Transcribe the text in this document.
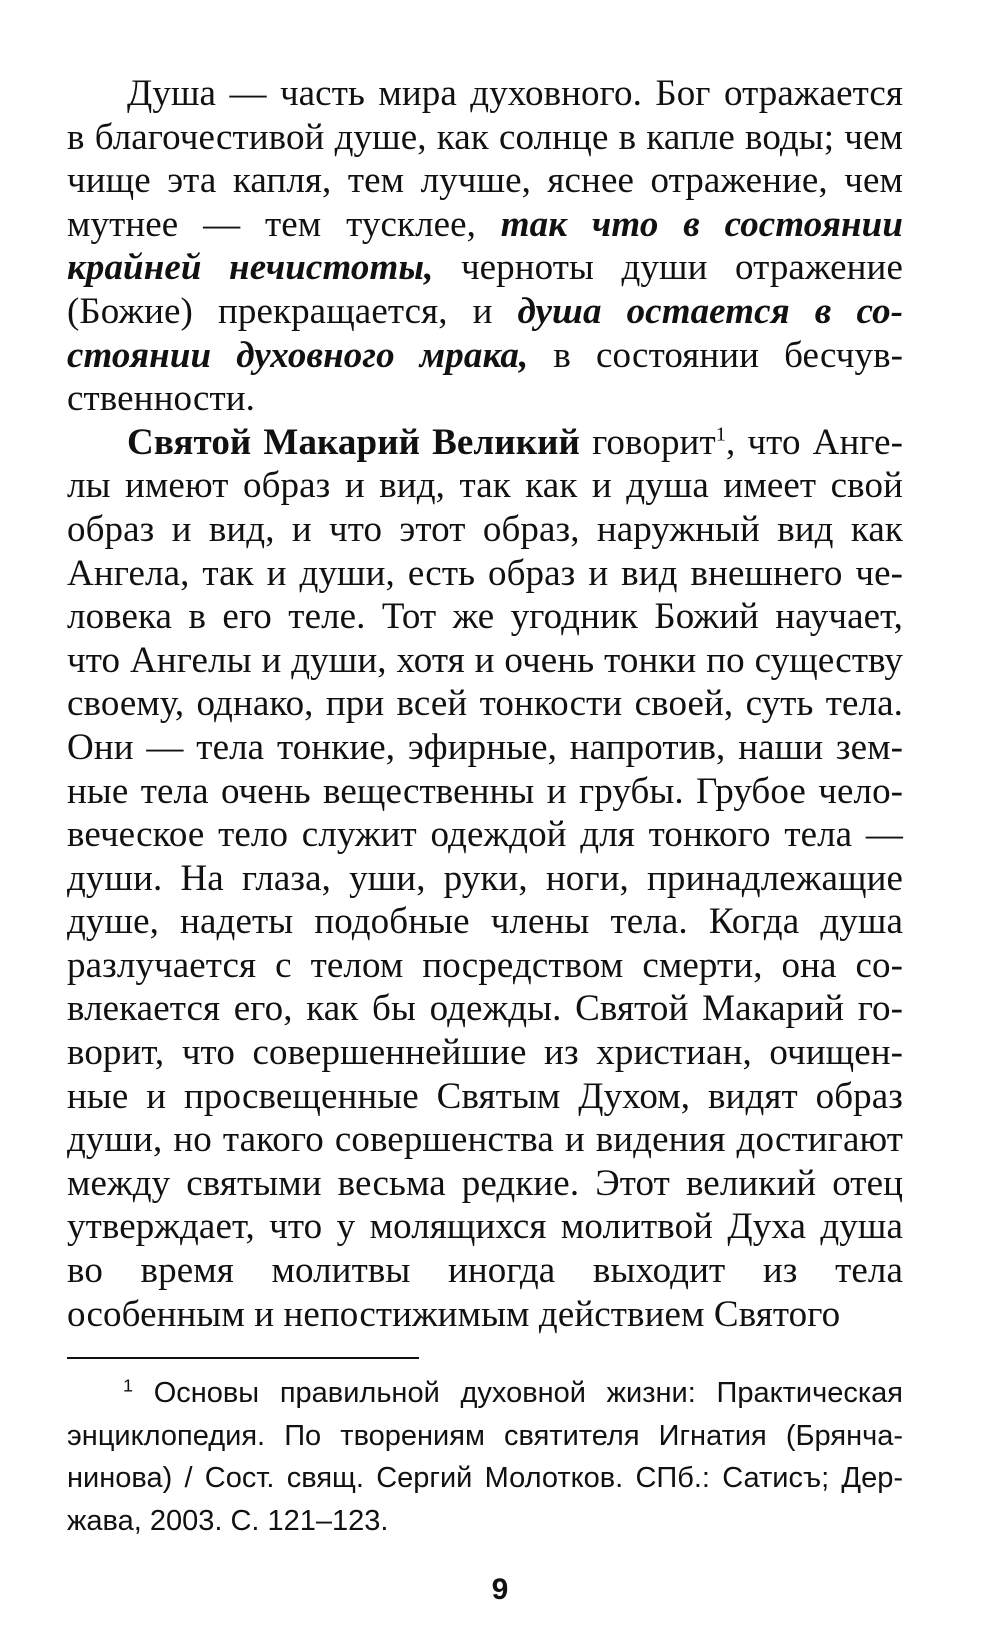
Душа — часть мира духовного. Бог отражается в благочестивой душе, как солнце в капле воды; чем чище эта капля, тем лучше, яснее отражение, чем мутнее — тем тусклее, так что в состоянии крайней нечистоты, черноты души отражение (Божие) прекращается, и душа остается в состоянии духовного мрака, в состоянии бесчувственности.

Святой Макарий Великий говорит$^1$, что Ангелы имеют образ и вид, так как и душа имеет свой образ и вид, и что этот образ, наружный вид как Ангела, так и души, есть образ и вид внешнего человека в его теле. Тот же угодник Божий научает, что Ангелы и души, хотя и очень тонки по существу своему, однако, при всей тонкости своей, суть тела. Они — тела тонкие, эфирные, напротив, наши земные тела очень вещественны и грубы. Грубое человеческое тело служит одеждой для тонкого тела — души. На глаза, уши, руки, ноги, принадлежащие душе, надеты подобные члены тела. Когда душа разлучается с телом посредством смерти, она совлекается его, как бы одежды. Святой Макарий говорит, что совершеннейшие из христиан, очищенные и просвещенные Святым Духом, видят образ души, но такого совершенства и видения достигают между святыми весьма редкие. Этот великий отец утверждает, что у молящихся молитвой Духа душа во время молитвы иногда выходит из тела особенным и непостижимым действием Святого

$^1$ Основы правильной духовной жизни: Практическая энциклопедия. По творениям святителя Игнатия (Брянчанинова) / Сост. свящ. Сергий Молотков. СПб.: Сатисъ; Держава, 2003. С. 121–123.

9
